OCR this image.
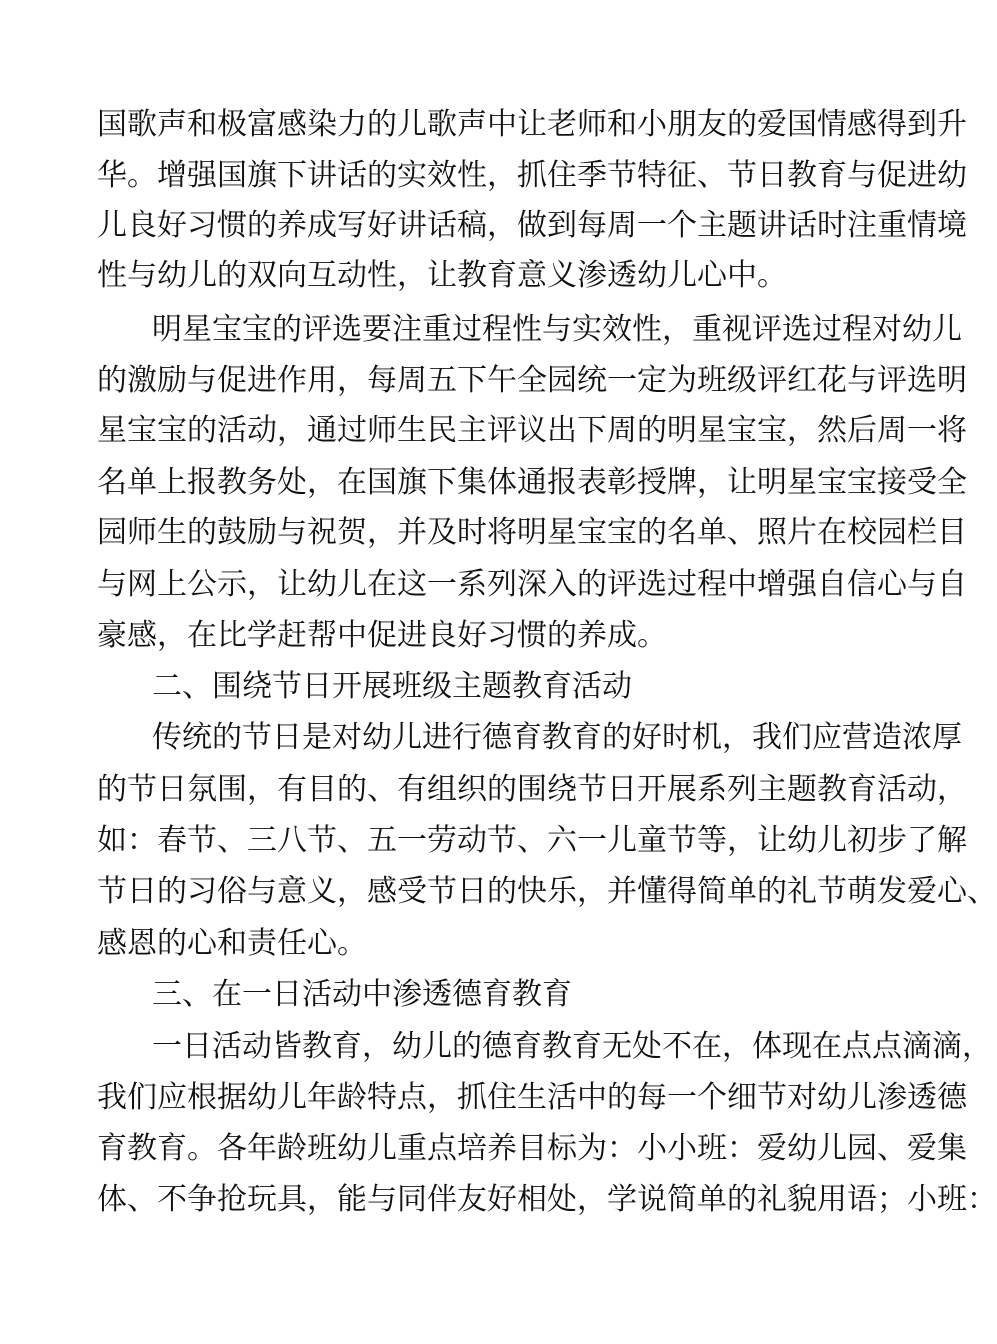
国歌声和极富感染力的儿歌声中让老师和小朋友的爱国情感得到升
华。增强国旗下讲话的实效性，抓住季节特征、节日教育与促进幼
儿良好习惯的养成写好讲话稿，做到每周一个主题讲话时注重情境
性与幼儿的双向互动性，让教育意义渗透幼儿心中。
明星宝宝的评选要注重过程性与实效性，重视评选过程对幼儿
的激励与促进作用，每周五下午全园统一定为班级评红花与评选明
星宝宝的活动，通过师生民主评议出下周的明星宝宝，然后周一将
名单上报教务处，在国旗下集体通报表彰授牌，让明星宝宝接受全
园师生的鼓励与祝贺，并及时将明星宝宝的名单、照片在校园栏目
与网上公示，让幼儿在这一系列深入的评选过程中增强自信心与自
豪感，在比学赶帮中促进良好习惯的养成。
二、围绕节日开展班级主题教育活动
传统的节日是对幼儿进行德育教育的好时机，我们应营造浓厚
的节日氛围，有目的、有组织的围绕节日开展系列主题教育活动，
如：春节、三八节、五一劳动节、六一儿童节等，让幼儿初步了解
节日的习俗与意义，感受节日的快乐，并懂得简单的礼节萌发爱心、
感恩的心和责任心。
三、在一日活动中渗透德育教育
一日活动皆教育，幼儿的德育教育无处不在，体现在点点滴滴，
我们应根据幼儿年龄特点，抓住生活中的每一个细节对幼儿渗透德
育教育。各年龄班幼儿重点培养目标为：小小班：爱幼儿园、爱集
体、不争抢玩具，能与同伴友好相处，学说简单的礼貌用语；小班：
